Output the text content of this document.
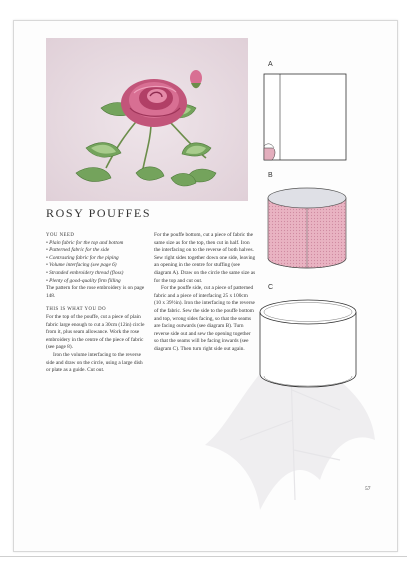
ROSY POUFFES

YOU NEED

• Plain fabric for the top and bottom

• Patterned fabric for the side

• Contrasting fabric for the piping

• Volume interfacing (see page 6)

• Stranded embroidery thread (floss)

• Plenty of good-quality firm filling

The pattern for the rose embroidery is on page 148.

THIS IS WHAT YOU DO

For the top of the pouffe, cut a piece of plain fabric large enough to cut a 30cm (12in) circle from it, plus seam allowance. Work the rose embroidery in the centre of the piece of fabric (see page 8).

Iron the volume interfacing to the reverse side and draw on the circle, using a large dish or plate as a guide. Cut out.

For the pouffe bottom, cut a piece of fabric the same size as for the top, then cut in half. Iron the interfacing on to the reverse of both halves. Sew right sides together down one side, leaving an opening in the centre for stuffing (see diagram A). Draw on the circle the same size as for the top and cut out.

For the pouffe side, cut a piece of patterned fabric and a piece of interfacing 25 x 100cm (10 x 39½in). Iron the interfacing to the reverse of the fabric. Sew the side to the pouffe bottom and top, wrong sides facing, so that the seams are facing outwards (see diagram B). Turn reverse side out and sew the opening together so that the seams will be facing inwards (see diagram C). Then turn right side out again.

A
B
C
57
